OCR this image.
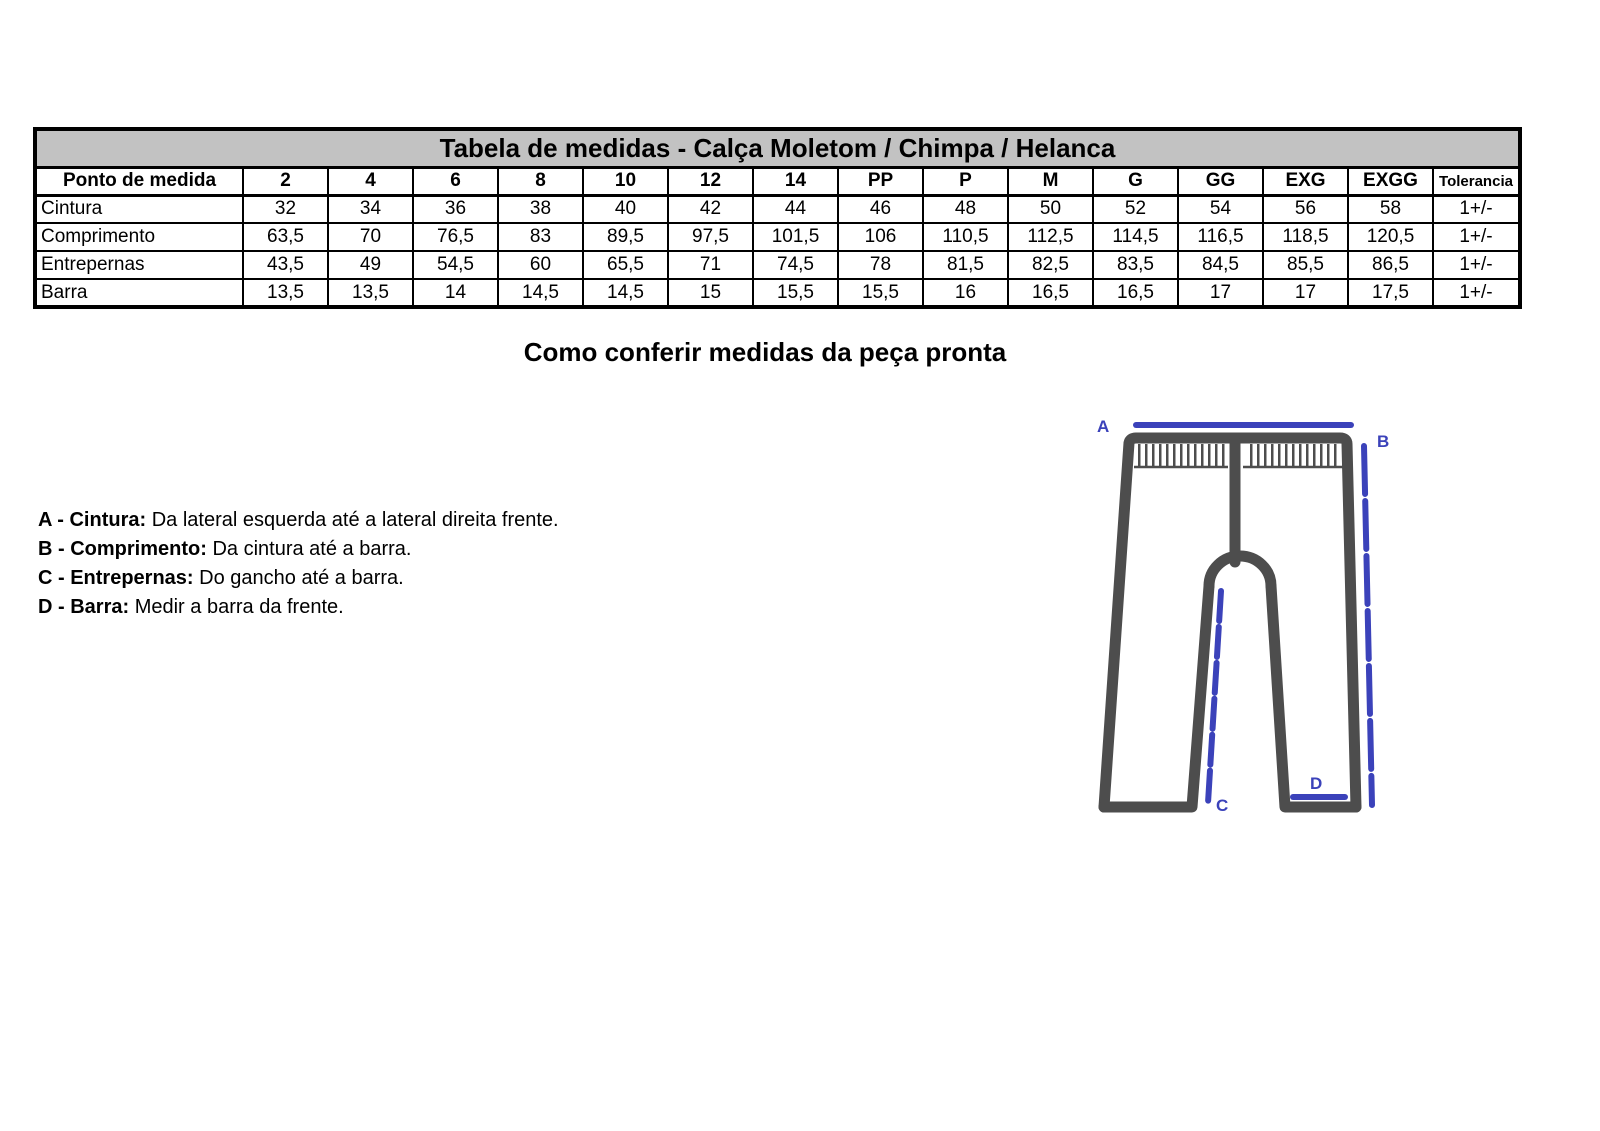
Tabela de medidas - Calça Moletom / Chimpa / Helanca															
Ponto de medida	2	4	6	8	10	12	14	PP	P	M	G	GG	EXG	EXGG	Tolerancia
Cintura	32	34	36	38	40	42	44	46	48	50	52	54	56	58	1+/-
Comprimento	63,5	70	76,5	83	89,5	97,5	101,5	106	110,5	112,5	114,5	116,5	118,5	120,5	1+/-
Entrepernas	43,5	49	54,5	60	65,5	71	74,5	78	81,5	82,5	83,5	84,5	85,5	86,5	1+/-
Barra	13,5	13,5	14	14,5	14,5	15	15,5	15,5	16	16,5	16,5	17	17	17,5	1+/-
Como conferir medidas da peça pronta

A - Cintura: Da lateral esquerda até a lateral direita frente.

B - Comprimento: Da cintura até a barra.

C - Entrepernas: Do gancho até a barra.

D - Barra: Medir a barra da frente.

A
B
C
D
